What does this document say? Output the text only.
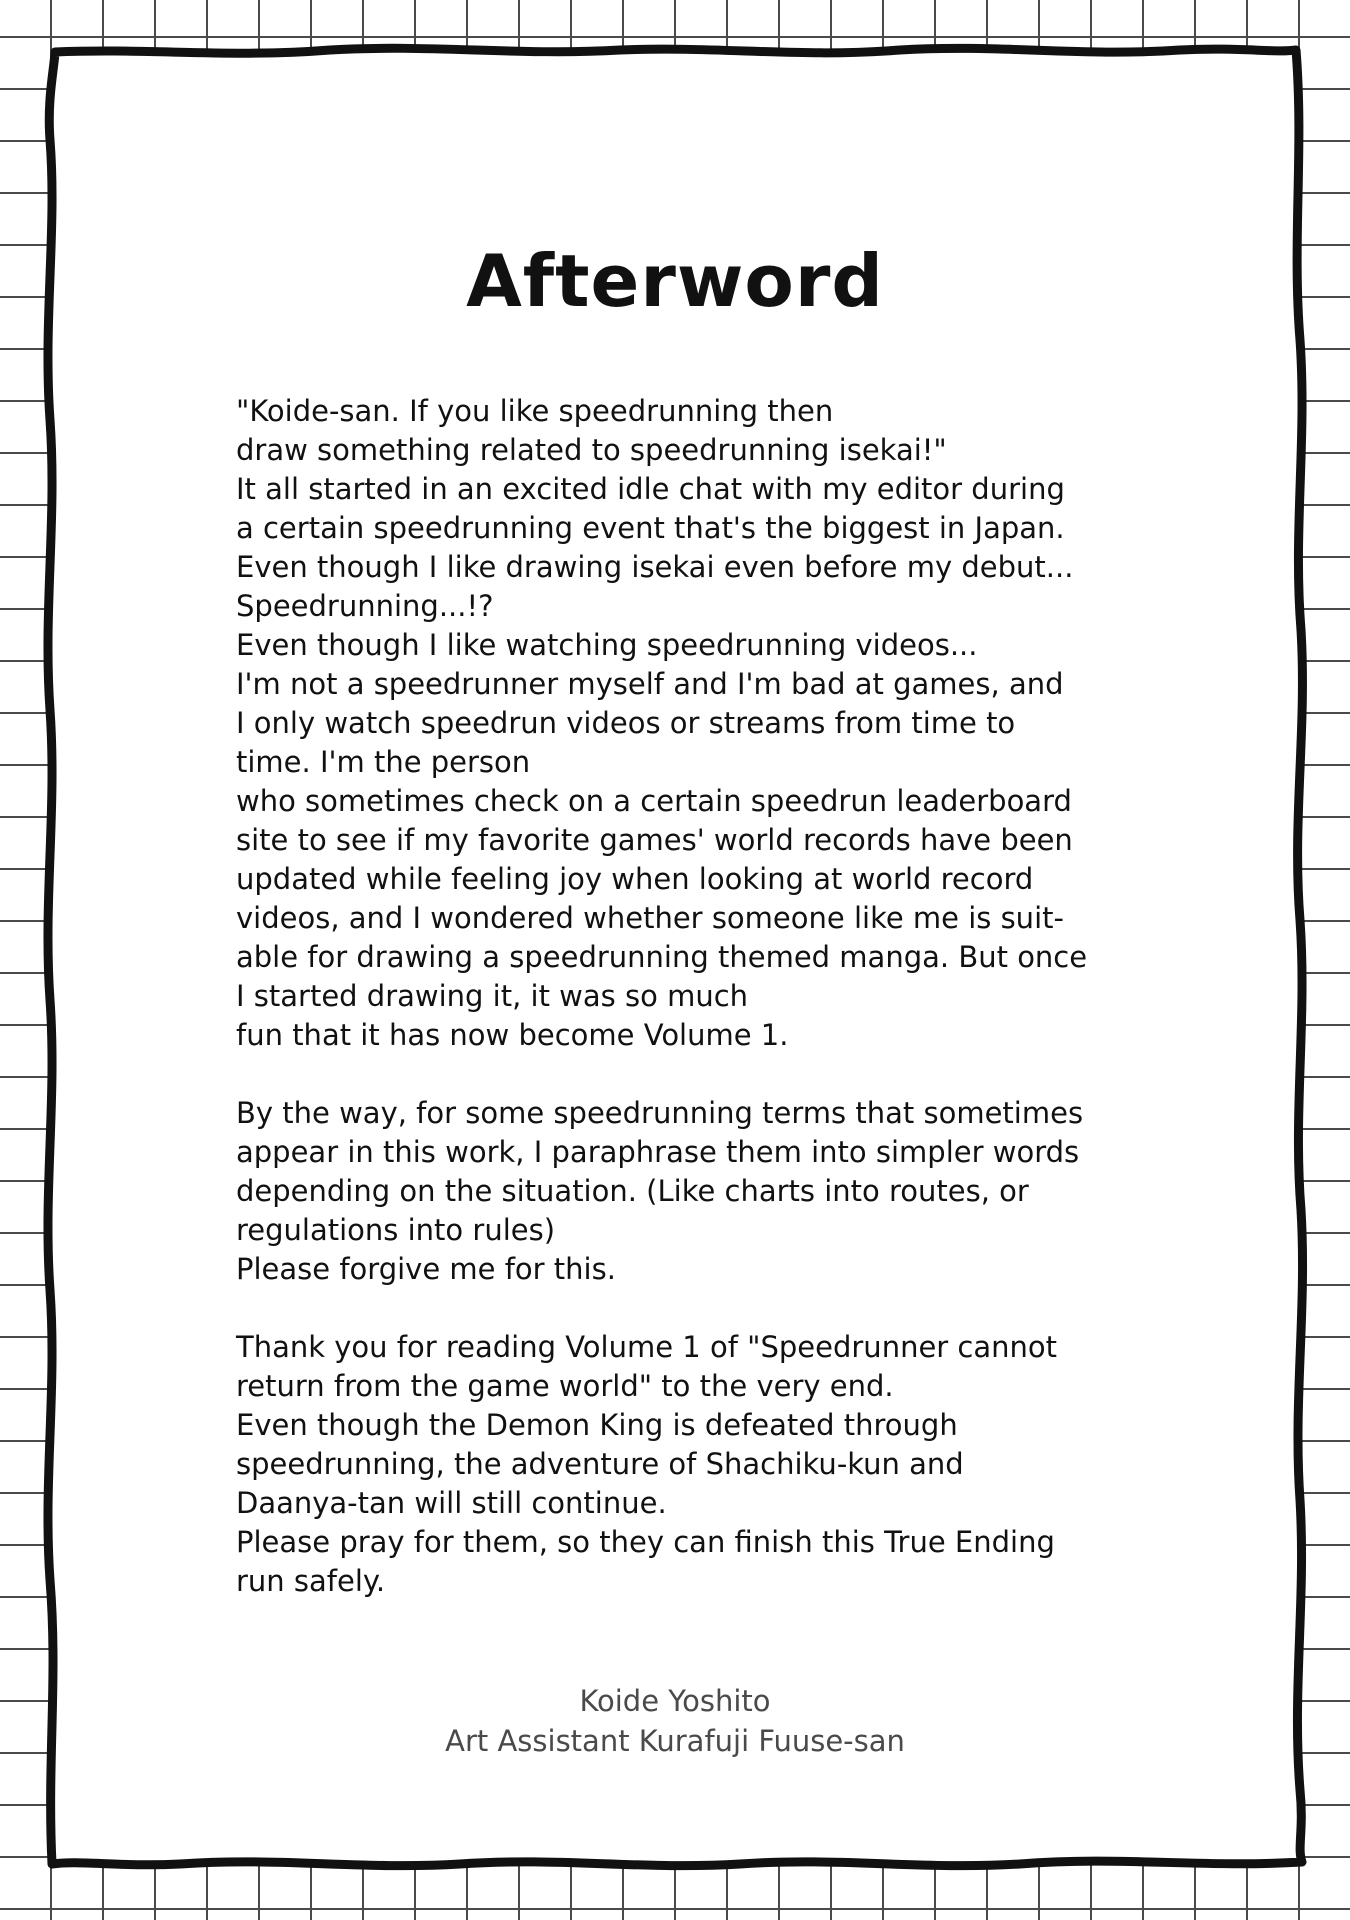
Afterword
"Koide-san. If you like speedrunning then
draw something related to speedrunning isekai!"
It all started in an excited idle chat with my editor during
a certain speedrunning event that's the biggest in Japan.
Even though I like drawing isekai even before my debut...
Speedrunning...!?
Even though I like watching speedrunning videos...
I'm not a speedrunner myself and I'm bad at games, and
I only watch speedrun videos or streams from time to
time. I'm the person
who sometimes check on a certain speedrun leaderboard
site to see if my favorite games' world records have been
updated while feeling joy when looking at world record
videos, and I wondered whether someone like me is suit-
able for drawing a speedrunning themed manga. But once
I started drawing it, it was so much
fun that it has now become Volume 1.
By the way, for some speedrunning terms that sometimes
appear in this work, I paraphrase them into simpler words
depending on the situation. (Like charts into routes, or
regulations into rules)
Please forgive me for this.
Thank you for reading Volume 1 of "Speedrunner cannot
return from the game world" to the very end.
Even though the Demon King is defeated through
speedrunning, the adventure of Shachiku-kun and
Daanya-tan will still continue.
Please pray for them, so they can finish this True Ending
run safely.
Koide Yoshito
Art Assistant Kurafuji Fuuse-san
